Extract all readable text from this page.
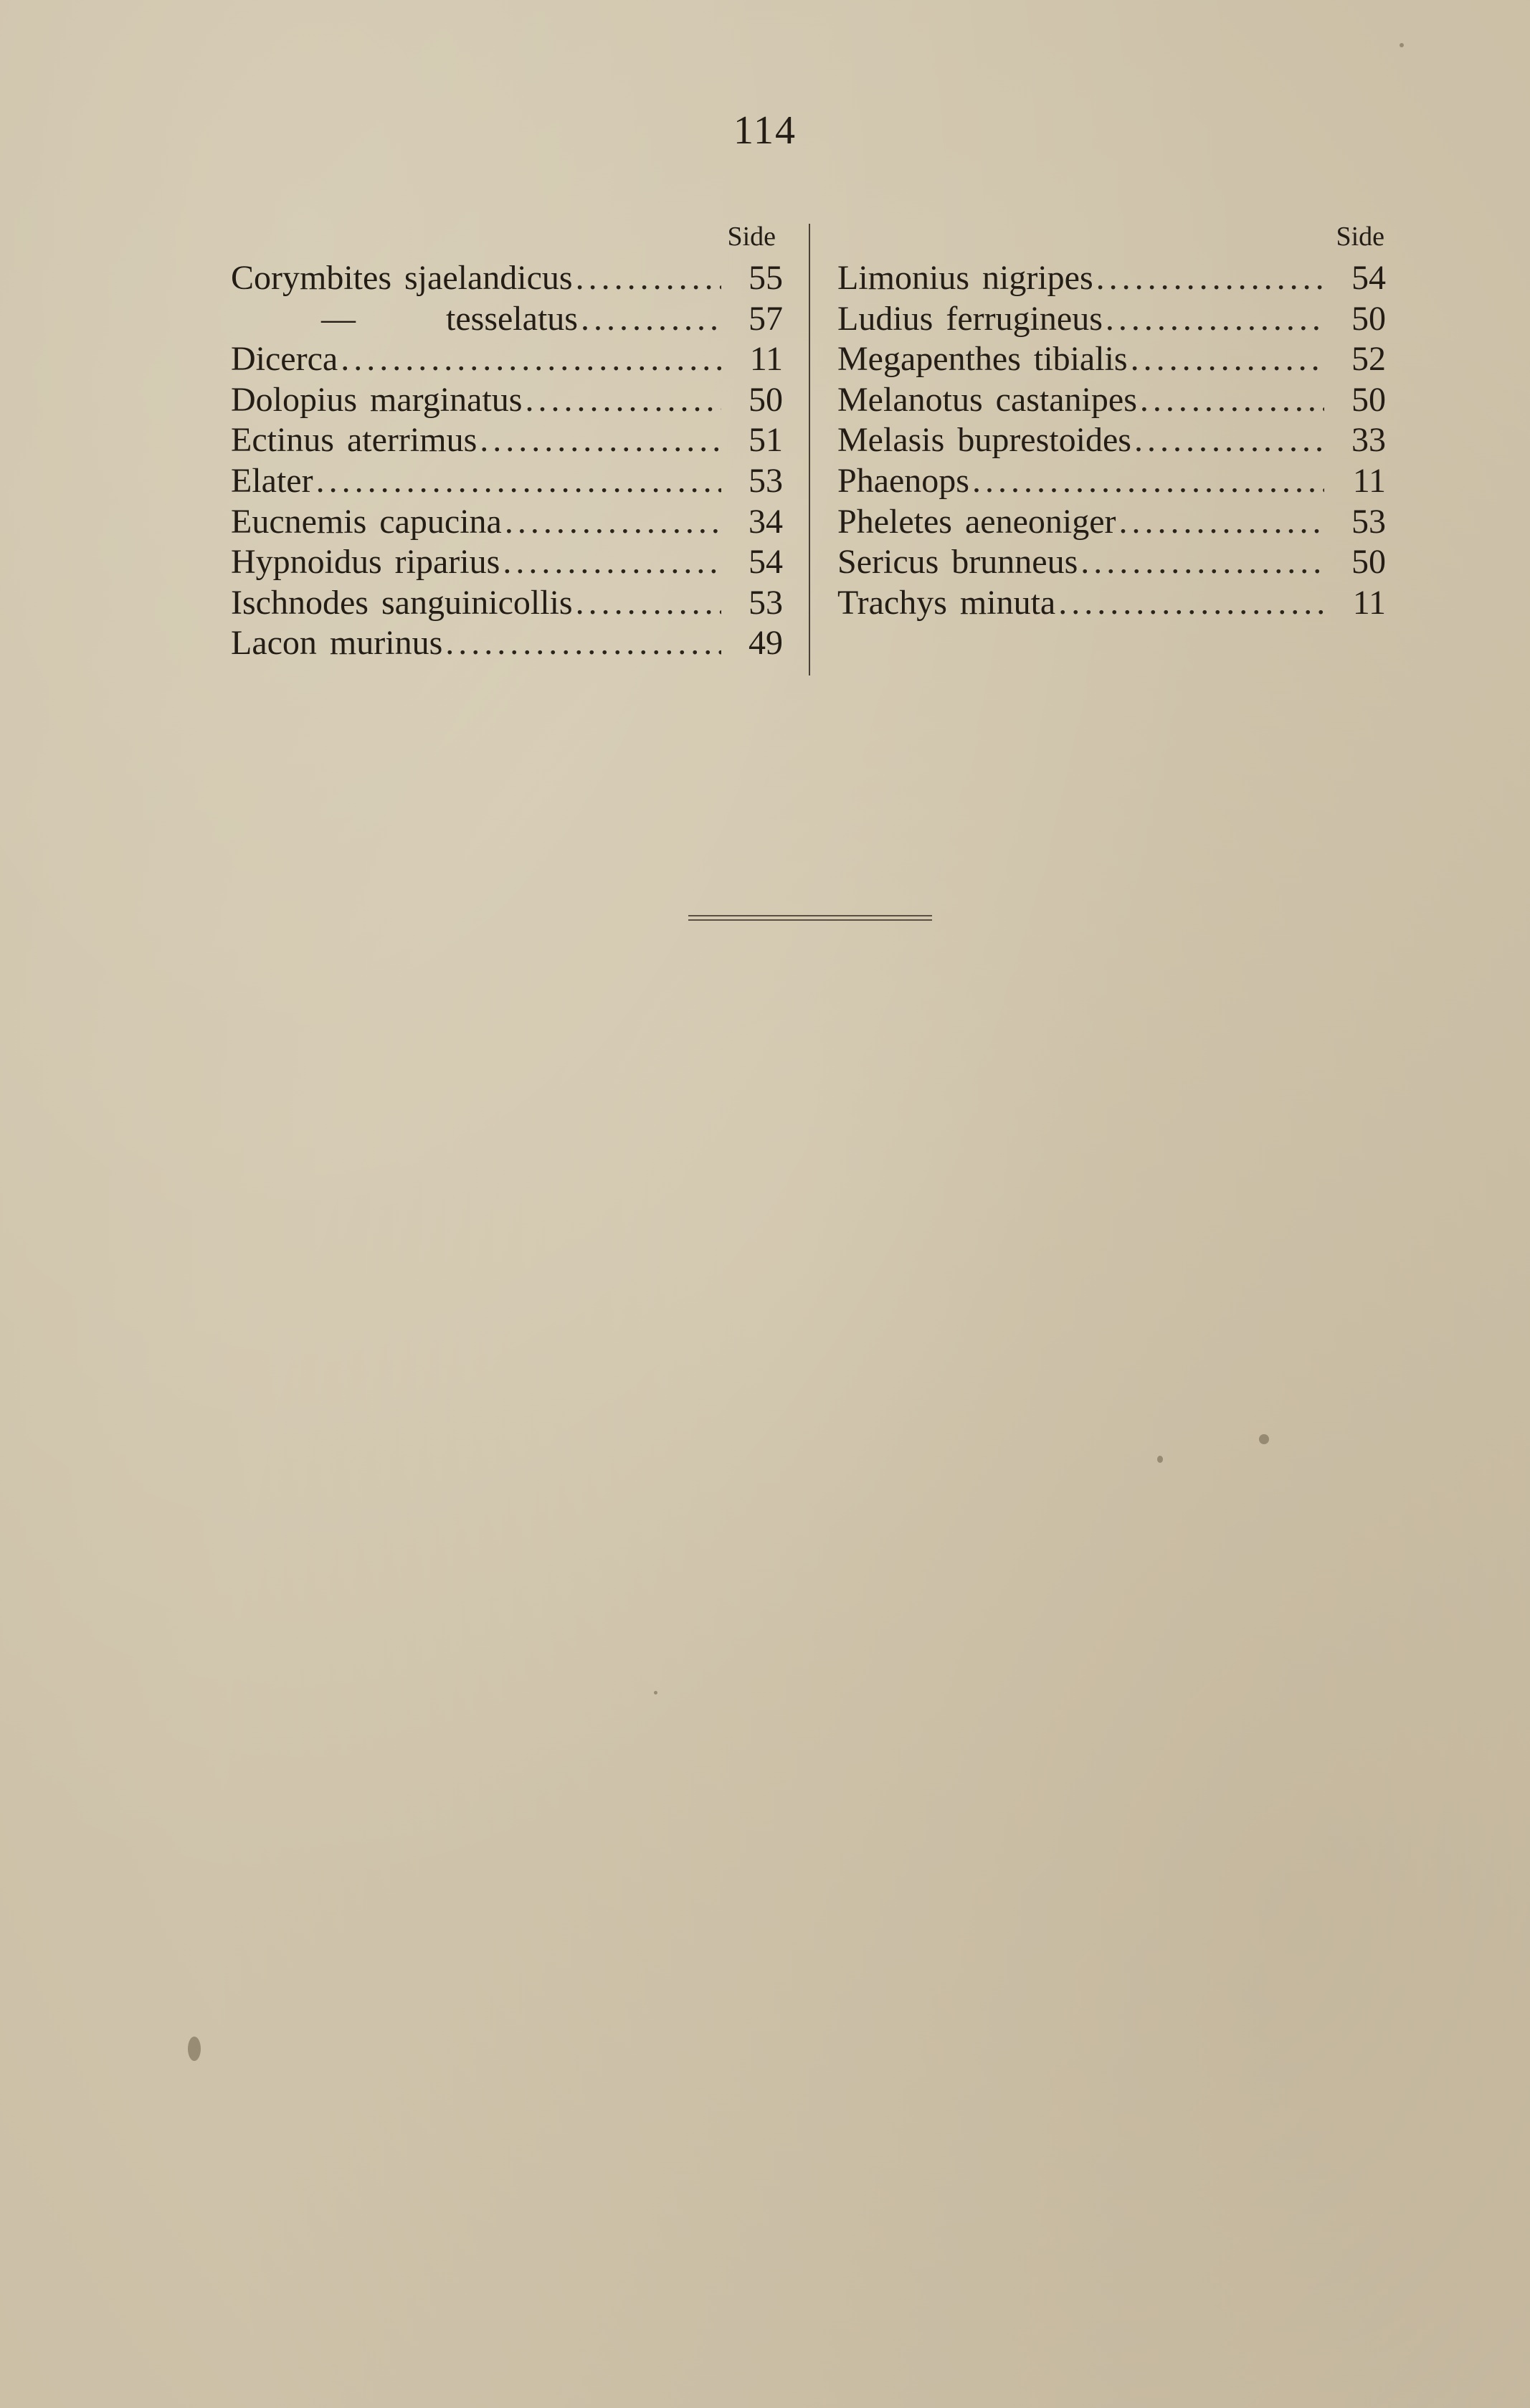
114
Side
Corymbites sjaelandicus .....	55
—	tesselatus .....	57
Dicerca .....	11
Dolopius marginatus .....	50
Ectinus aterrimus .....	51
Elater .....	53
Eucnemis capucina .....	34
Hypnoidus riparius .....	54
Ischnodes sanguinicollis .....	53
Lacon murinus .....	49
Side
Limonius nigripes .....	54
Ludius ferrugineus .....	50
Megapenthes tibialis .....	52
Melanotus castanipes .....	50
Melasis buprestoides .....	33
Phaenops .....	11
Pheletes aeneoniger .....	53
Sericus brunneus .....	50
Trachys minuta .....	11
